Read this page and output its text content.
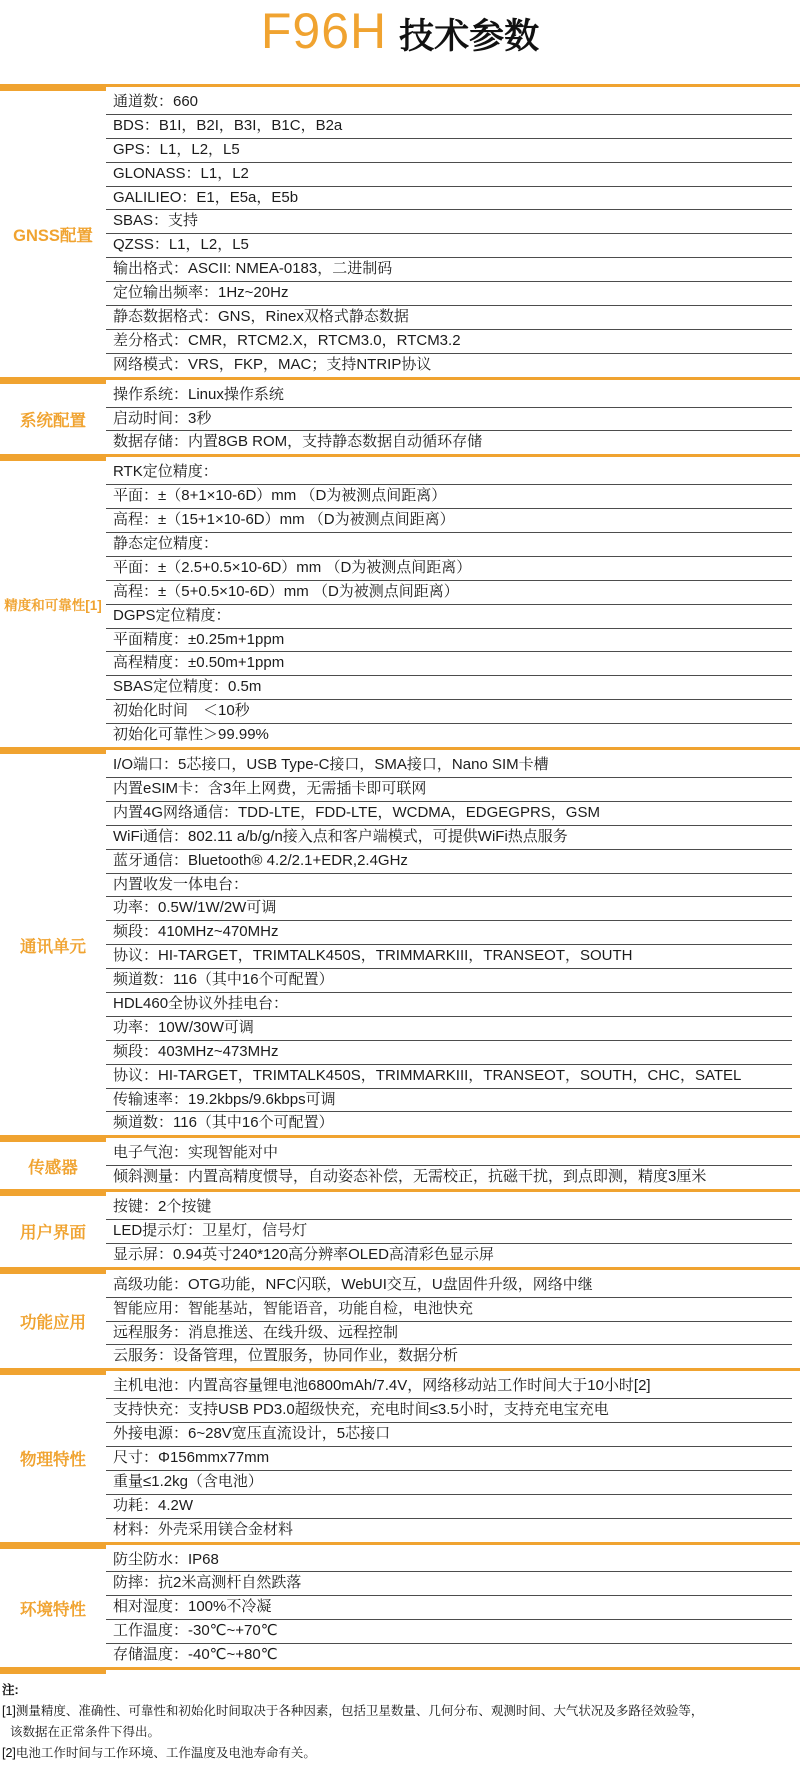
F96H 技术参数
GNSS配置
通道数：660
BDS：B1I，B2I，B3I，B1C，B2a
GPS：L1，L2，L5
GLONASS：L1，L2
GALILIEO：E1，E5a，E5b
SBAS：支持
QZSS：L1，L2，L5
输出格式：ASCII: NMEA-0183，二进制码
定位输出频率：1Hz~20Hz
静态数据格式：GNS，Rinex双格式静态数据
差分格式：CMR，RTCM2.X，RTCM3.0，RTCM3.2
网络模式：VRS，FKP，MAC；支持NTRIP协议
系统配置
操作系统：Linux操作系统
启动时间：3秒
数据存储：内置8GB ROM，支持静态数据自动循环存储
精度和可靠性[1]
RTK定位精度：
平面：±（8+1×10-6D）mm （D为被测点间距离）
高程：±（15+1×10-6D）mm （D为被测点间距离）
静态定位精度：
平面：±（2.5+0.5×10-6D）mm （D为被测点间距离）
高程：±（5+0.5×10-6D）mm （D为被测点间距离）
DGPS定位精度：
平面精度：±0.25m+1ppm
高程精度：±0.50m+1ppm
SBAS定位精度：0.5m
初始化时间　＜10秒
初始化可靠性＞99.99%
通讯单元
I/O端口：5芯接口，USB Type-C接口，SMA接口，Nano SIM卡槽
内置eSIM卡：含3年上网费，无需插卡即可联网
内置4G网络通信：TDD-LTE，FDD-LTE，WCDMA，EDGEGPRS，GSM
WiFi通信：802.11 a/b/g/n接入点和客户端模式，可提供WiFi热点服务
蓝牙通信：Bluetooth® 4.2/2.1+EDR,2.4GHz
内置收发一体电台：
功率：0.5W/1W/2W可调
频段：410MHz~470MHz
协议：HI-TARGET，TRIMTALK450S，TRIMMARKIII，TRANSEOT，SOUTH
频道数：116（其中16个可配置）
HDL460全协议外挂电台：
功率：10W/30W可调
频段：403MHz~473MHz
协议：HI-TARGET，TRIMTALK450S，TRIMMARKIII，TRANSEOT，SOUTH，CHC，SATEL
传输速率：19.2kbps/9.6kbps可调
频道数：116（其中16个可配置）
传感器
电子气泡：实现智能对中
倾斜测量：内置高精度惯导，自动姿态补偿，无需校正，抗磁干扰，到点即测，精度3厘米
用户界面
按键：2个按键
LED提示灯：卫星灯，信号灯
显示屏：0.94英寸240*120高分辨率OLED高清彩色显示屏
功能应用
高级功能：OTG功能，NFC闪联，WebUI交互，U盘固件升级，网络中继
智能应用：智能基站，智能语音，功能自检，电池快充
远程服务：消息推送、在线升级、远程控制
云服务：设备管理，位置服务，协同作业，数据分析
物理特性
主机电池：内置高容量锂电池6800mAh/7.4V，网络移动站工作时间大于10小时[2]
支持快充：支持USB PD3.0超级快充，充电时间≤3.5小时，支持充电宝充电
外接电源：6~28V宽压直流设计，5芯接口
尺寸：Φ156mmx77mm
重量≤1.2kg（含电池）
功耗：4.2W
材料：外壳采用镁合金材料
环境特性
防尘防水：IP68
防摔：抗2米高测杆自然跌落
相对湿度：100%不冷凝
工作温度：-30℃~+70℃
存储温度：-40℃~+80℃
注:
[1]测量精度、准确性、可靠性和初始化时间取决于各种因素，包括卫星数量、几何分布、观测时间、大气状况及多路径效验等，
该数据在正常条件下得出。
[2]电池工作时间与工作环境、工作温度及电池寿命有关。
